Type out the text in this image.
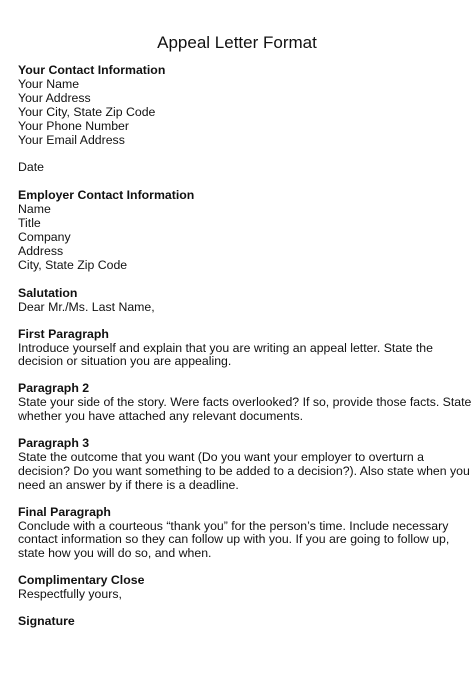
Appeal Letter Format
Your Contact Information
Your Name
Your Address
Your City, State Zip Code
Your Phone Number
Your Email Address
Date
Employer Contact Information
Name
Title
Company
Address
City, State Zip Code
Salutation
Dear Mr./Ms. Last Name,
First Paragraph
Introduce yourself and explain that you are writing an appeal letter. State the
decision or situation you are appealing.
Paragraph 2
State your side of the story. Were facts overlooked? If so, provide those facts. State
whether you have attached any relevant documents.
Paragraph 3
State the outcome that you want (Do you want your employer to overturn a
decision? Do you want something to be added to a decision?). Also state when you
need an answer by if there is a deadline.
Final Paragraph
Conclude with a courteous “thank you” for the person’s time. Include necessary
contact information so they can follow up with you. If you are going to follow up,
state how you will do so, and when.
Complimentary Close
Respectfully yours,
Signature
